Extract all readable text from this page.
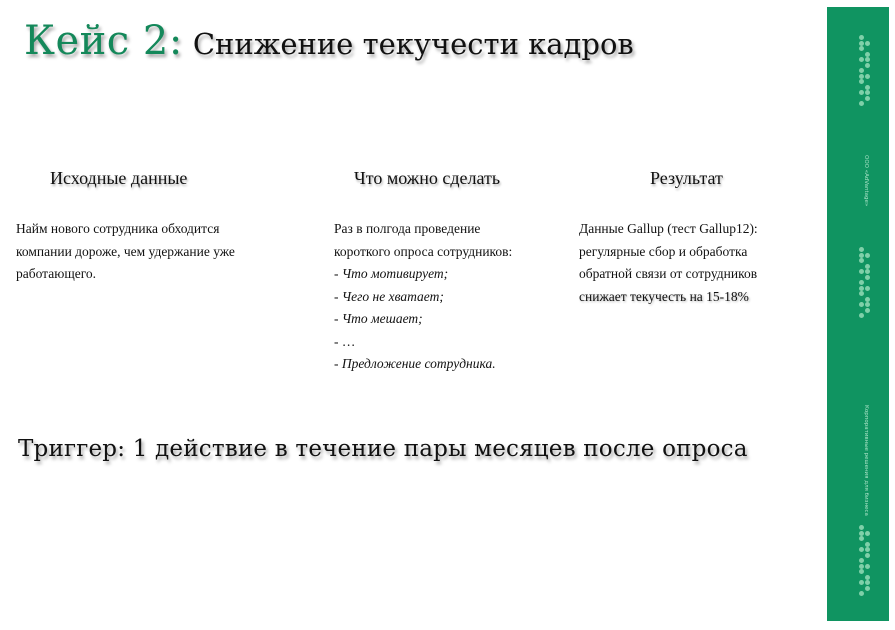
Кейс 2: Снижение текучести кадров
Исходные данные	Что можно сделать	Результат
Найм нового сотрудника обходится
компании дороже, чем удержание уже
работающего.
Раз в полгода проведение
короткого опроса сотрудников:
- Что мотивирует;
- Чего не хватает;
- Что мешает;
- …
- Предложение сотрудника.
Данные Gallup (тест Gallup12):
регулярные сбор и обработка
обратной связи от сотрудников
снижает текучесть на 15-18%
Триггер: 1 действие в течение пары месяцев после опроса
ООО «AdVantage»
Корпоративные решения для бизнеса
